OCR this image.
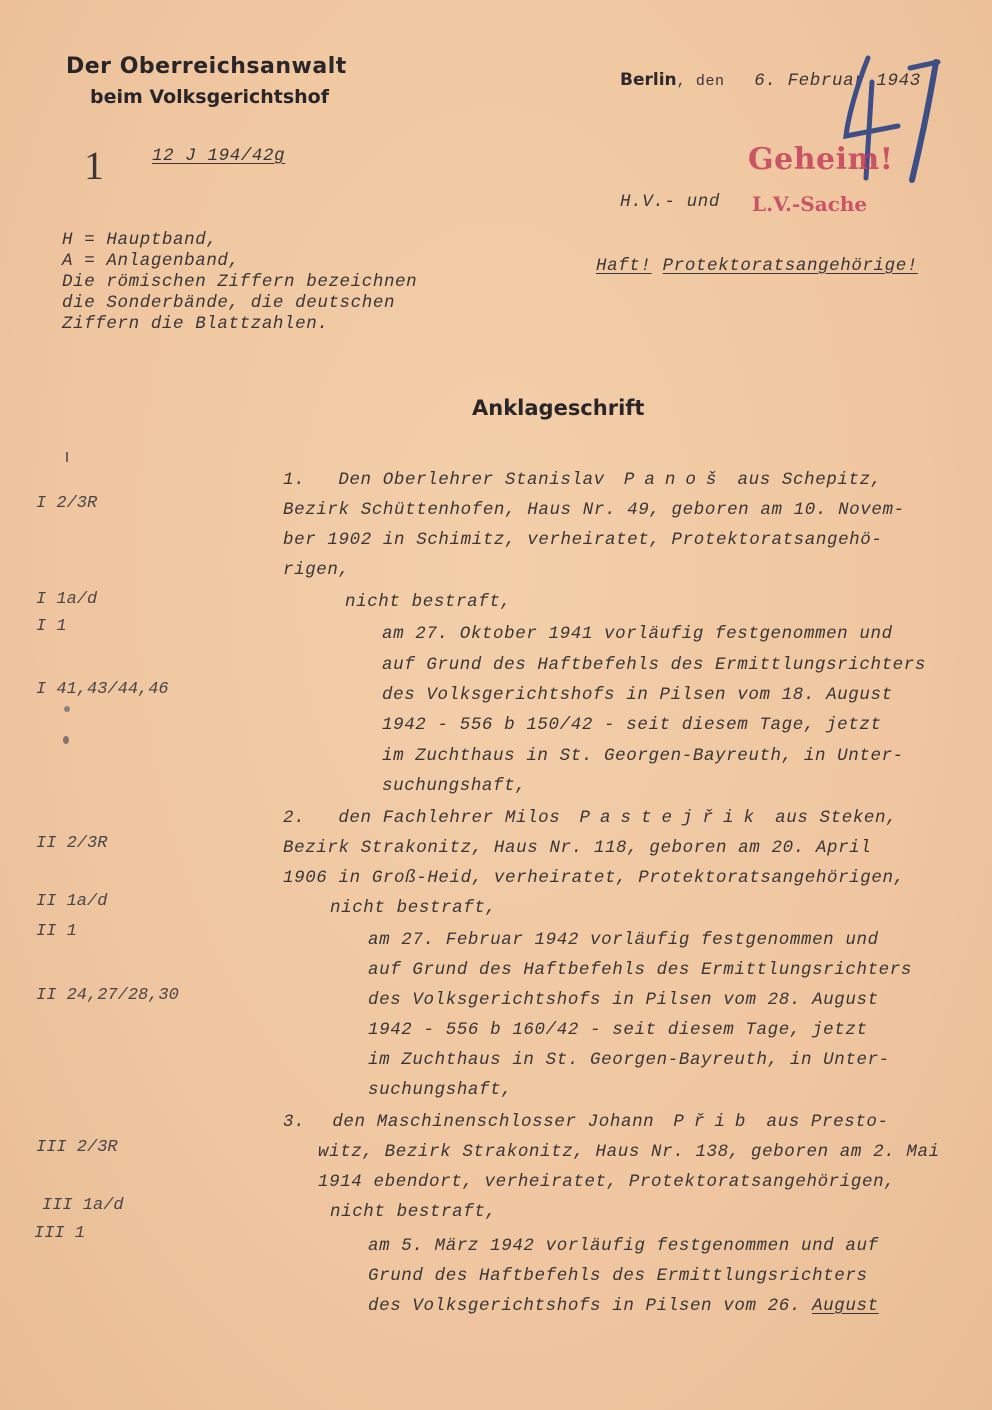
Der Oberreichsanwalt
beim Volksgerichtshof
1	12 J 194/42g
Berlin, den 6. Februar 1943
Geheim!
H.V.- und L.V.-Sache
H = Hauptband,
A = Anlagenband,
Die römischen Ziffern bezeichnen
die Sonderbände, die deutschen
Ziffern die Blattzahlen.
Haft! Protektoratsangehörige!
Anklageschrift
I 2/3R
I 1a/d
I 1
I 41,43/44,46
II 2/3R
II 1a/d
II 1
II 24,27/28,30
III 2/3R
III 1a/d
III 1
1. Den Oberlehrer Stanislav Panoš aus Schepitz,
Bezirk Schüttenhofen, Haus Nr. 49, geboren am 10. Novem-
ber 1902 in Schimitz, verheiratet, Protektoratsangehö-
rigen,
nicht bestraft,
am 27. Oktober 1941 vorläufig festgenommen und
auf Grund des Haftbefehls des Ermittlungsrichters
des Volksgerichtshofs in Pilsen vom 18. August
1942 - 556 b 150/42 - seit diesem Tage, jetzt
im Zuchthaus in St. Georgen-Bayreuth, in Unter-
suchungshaft,
2. den Fachlehrer Milos Pastejřik aus Steken,
Bezirk Strakonitz, Haus Nr. 118, geboren am 20. April
1906 in Groß-Heid, verheiratet, Protektoratsangehörigen,
nicht bestraft,
am 27. Februar 1942 vorläufig festgenommen und
auf Grund des Haftbefehls des Ermittlungsrichters
des Volksgerichtshofs in Pilsen vom 28. August
1942 - 556 b 160/42 - seit diesem Tage, jetzt
im Zuchthaus in St. Georgen-Bayreuth, in Unter-
suchungshaft,
3. den Maschinenschlosser Johann Přib aus Presto-
witz, Bezirk Strakonitz, Haus Nr. 138, geboren am 2. Mai
1914 ebendort, verheiratet, Protektoratsangehörigen,
nicht bestraft,
am 5. März 1942 vorläufig festgenommen und auf
Grund des Haftbefehls des Ermittlungsrichters
des Volksgerichtshofs in Pilsen vom 26. August
